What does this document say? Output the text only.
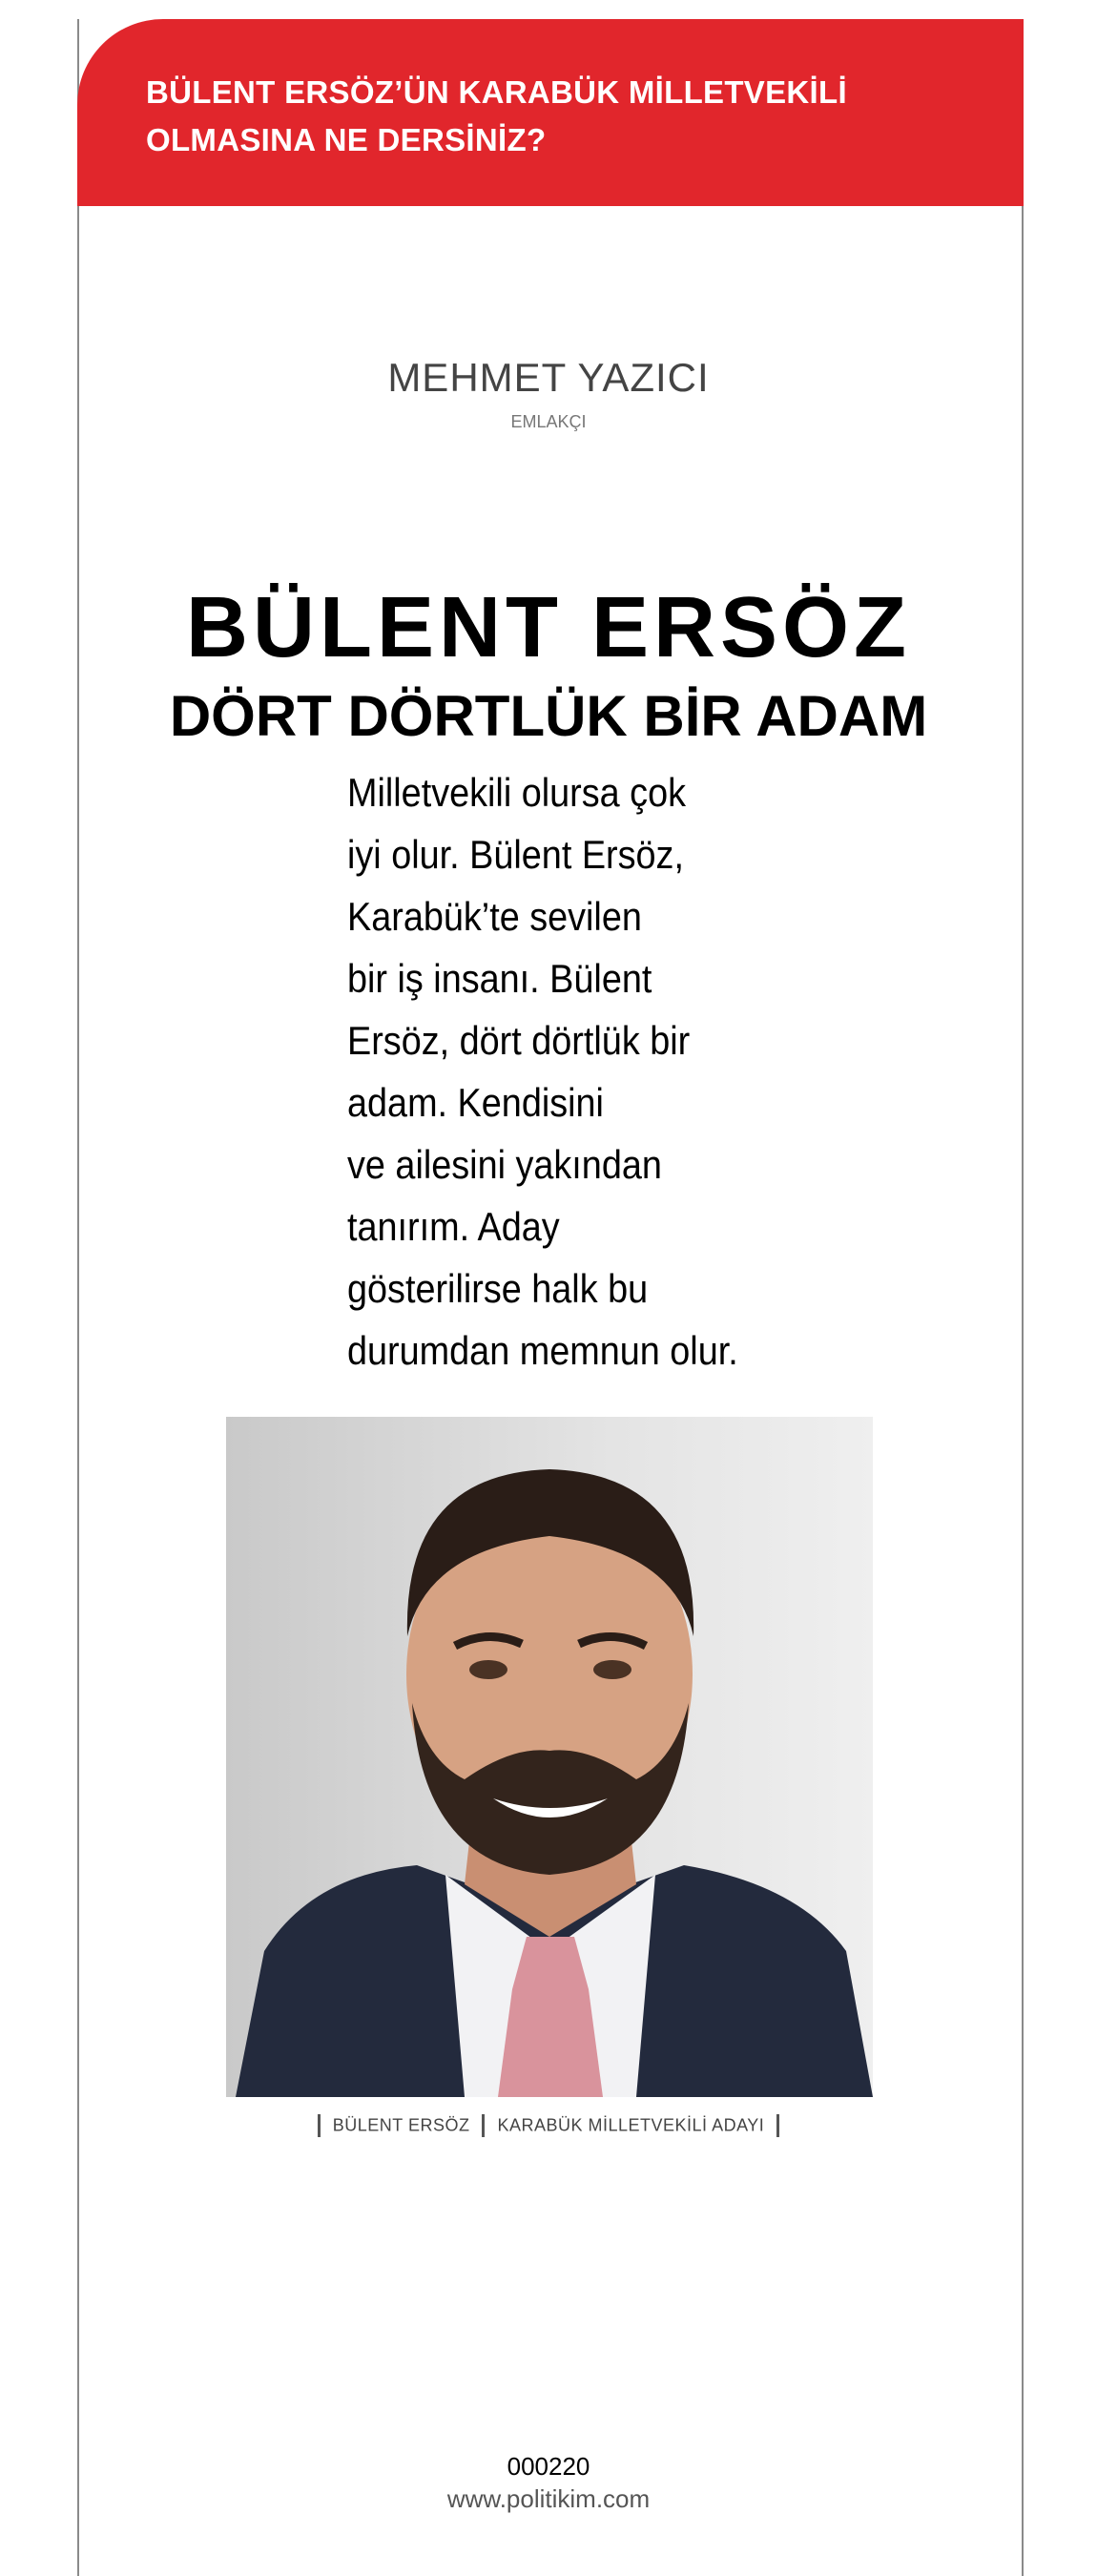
BÜLENT ERSÖZ’ÜN KARABÜK MİLLETVEKİLİ
OLMASINA NE DERSİNİZ?
MEHMET YAZICI
EMLAKÇI
BÜLENT ERSÖZ
DÖRT DÖRTLÜK BİR ADAM
Milletvekili olursa çok
iyi olur. Bülent Ersöz,
Karabük’te sevilen
bir iş insanı. Bülent
Ersöz, dört dörtlük bir
adam. Kendisini
ve ailesini yakından
tanırım. Aday
gösterilirse halk bu
durumdan memnun olur.
BÜLENT ERSÖZ KARABÜK MİLLETVEKİLİ ADAYI
000220
www.politikim.com
